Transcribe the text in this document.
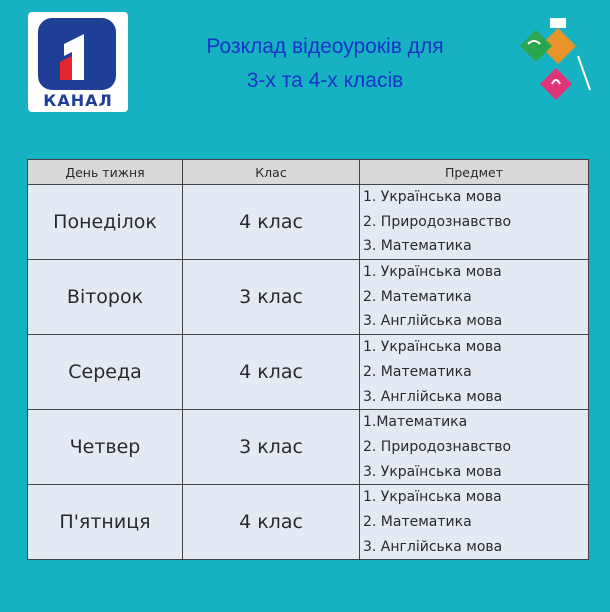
КАНАЛ
Розклад відеоуроків для
3-х та 4-х класів
День тижня	Клас	Предмет
Понеділок	4 клас	1. Українська мова
2. Природознавство
3. Математика

Віторок	3 клас	1. Українська мова
2. Математика
3. Англійська мова

Середа	4 клас	1. Українська мова
2. Математика
3. Англійська мова

Четвер	3 клас	1.Математика
2. Природознавство
3. Українська мова

П'ятниця	4 клас	1. Українська мова
2. Математика
3. Англійська мова
